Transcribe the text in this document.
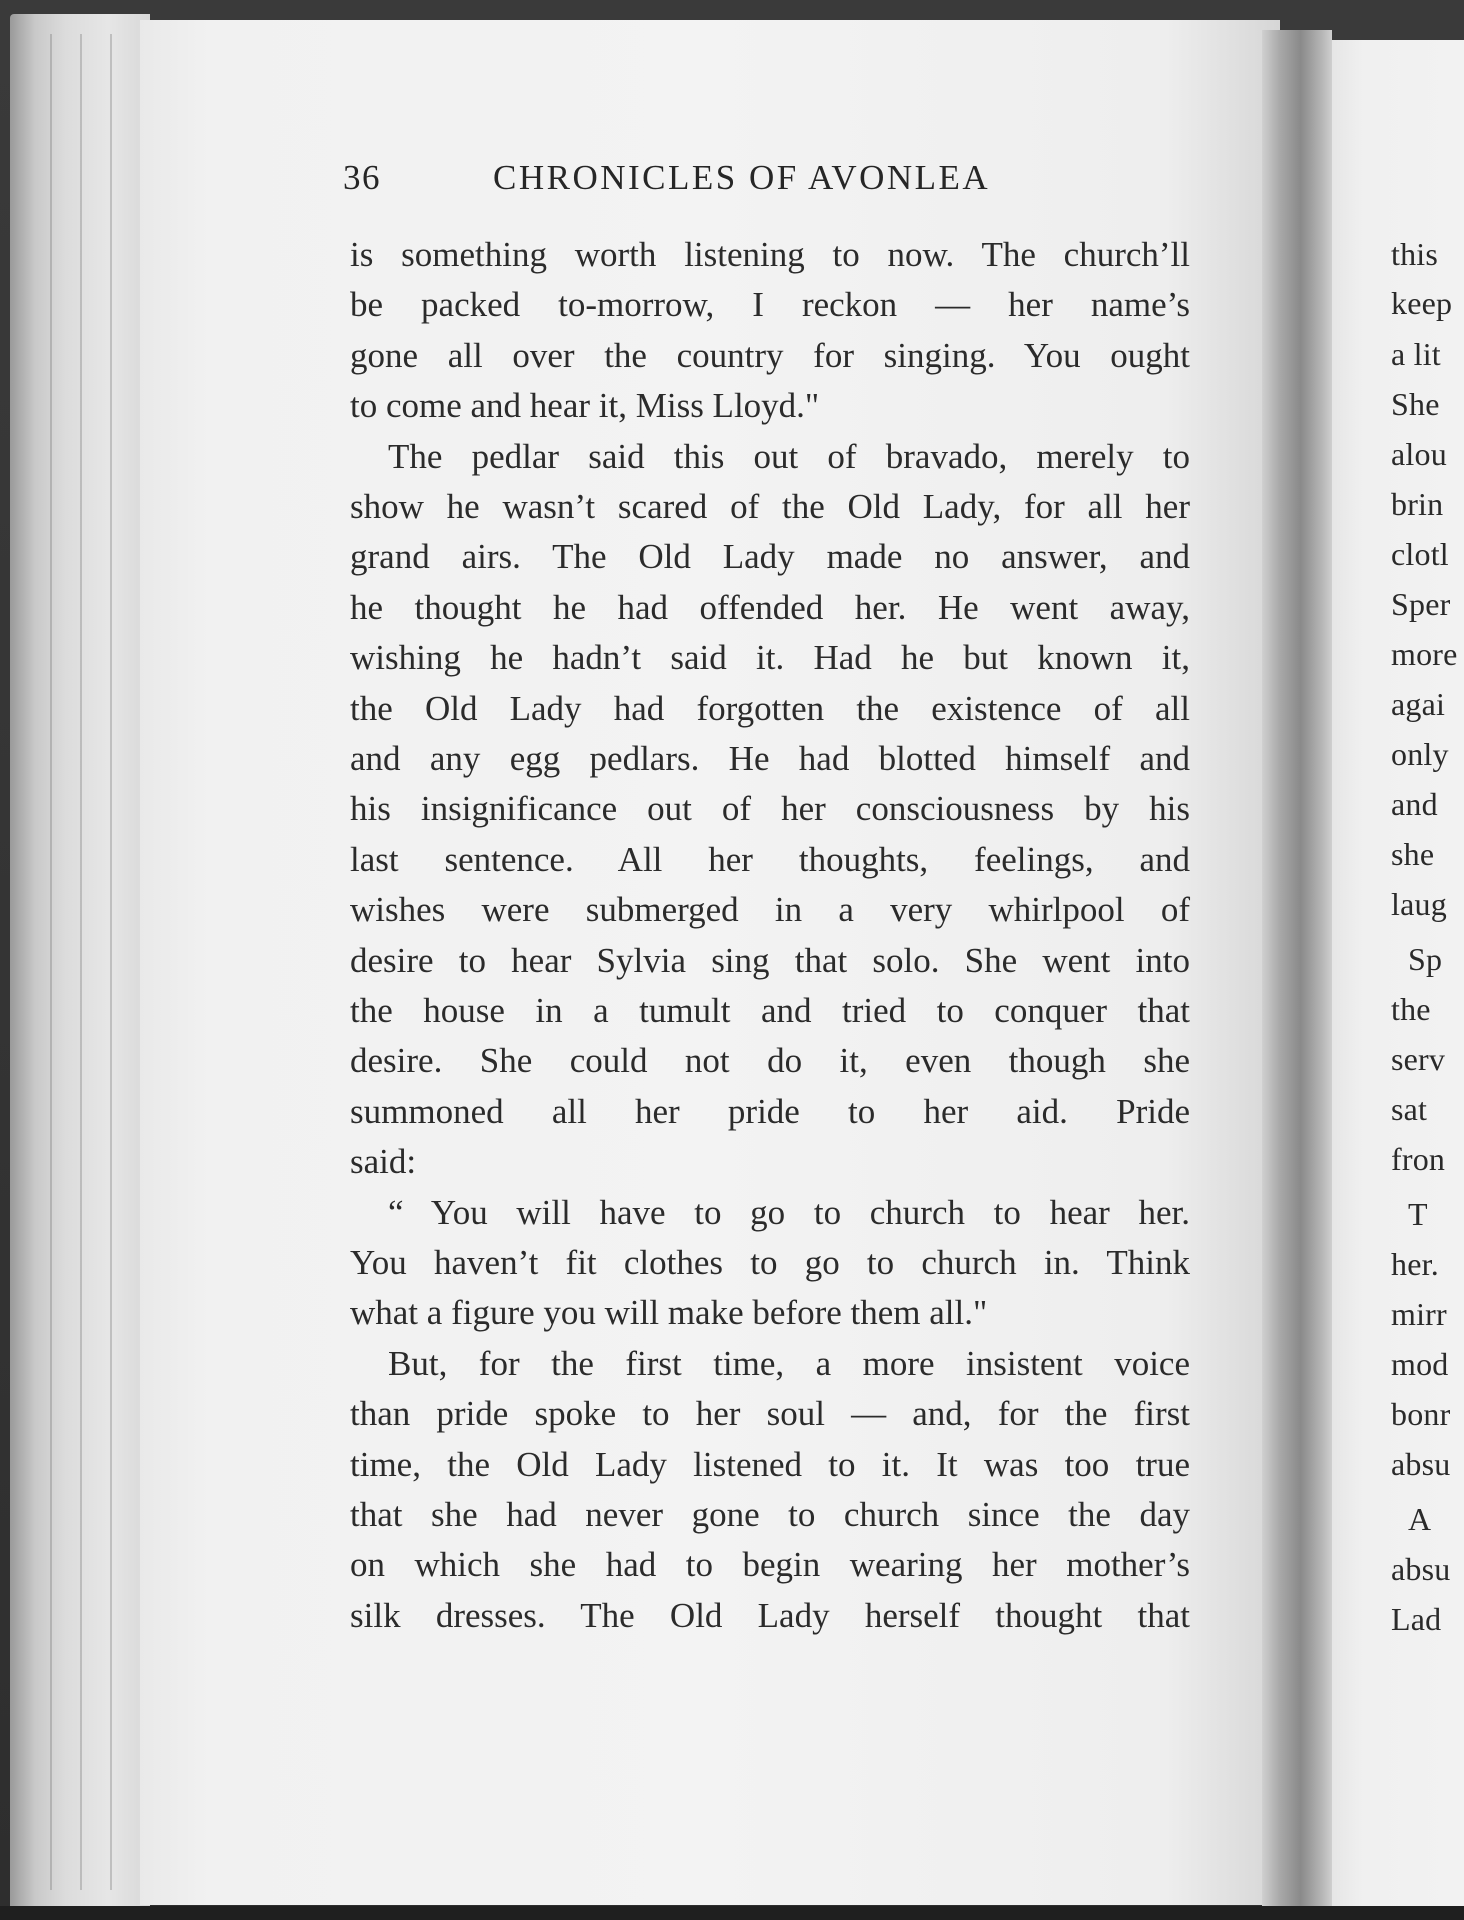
36	CHRONICLES OF AVONLEA

is something worth listening to now. The church’ll

be packed to-morrow, I reckon — her name’s

gone all over the country for singing. You ought

to come and hear it, Miss Lloyd."

The pedlar said this out of bravado, merely to

show he wasn’t scared of the Old Lady, for all her

grand airs. The Old Lady made no answer, and

he thought he had offended her. He went away,

wishing he hadn’t said it. Had he but known it,

the Old Lady had forgotten the existence of all

and any egg pedlars. He had blotted himself and

his insignificance out of her consciousness by his

last sentence. All her thoughts, feelings, and

wishes were submerged in a very whirlpool of

desire to hear Sylvia sing that solo. She went into

the house in a tumult and tried to conquer that

desire. She could not do it, even though she

summoned all her pride to her aid. Pride

said:

“ You will have to go to church to hear her.

You haven’t fit clothes to go to church in. Think

what a figure you will make before them all."

But, for the first time, a more insistent voice

than pride spoke to her soul — and, for the first

time, the Old Lady listened to it. It was too true

that she had never gone to church since the day

on which she had to begin wearing her mother’s

silk dresses. The Old Lady herself thought that

this
keep
a lit
She
alou
brin
clotl
Sper
more
agai
only
and
she
laug
Sp
the
serv
sat
fron
T
her.
mirr
mod
bonr
absu
A
absu
Lad
